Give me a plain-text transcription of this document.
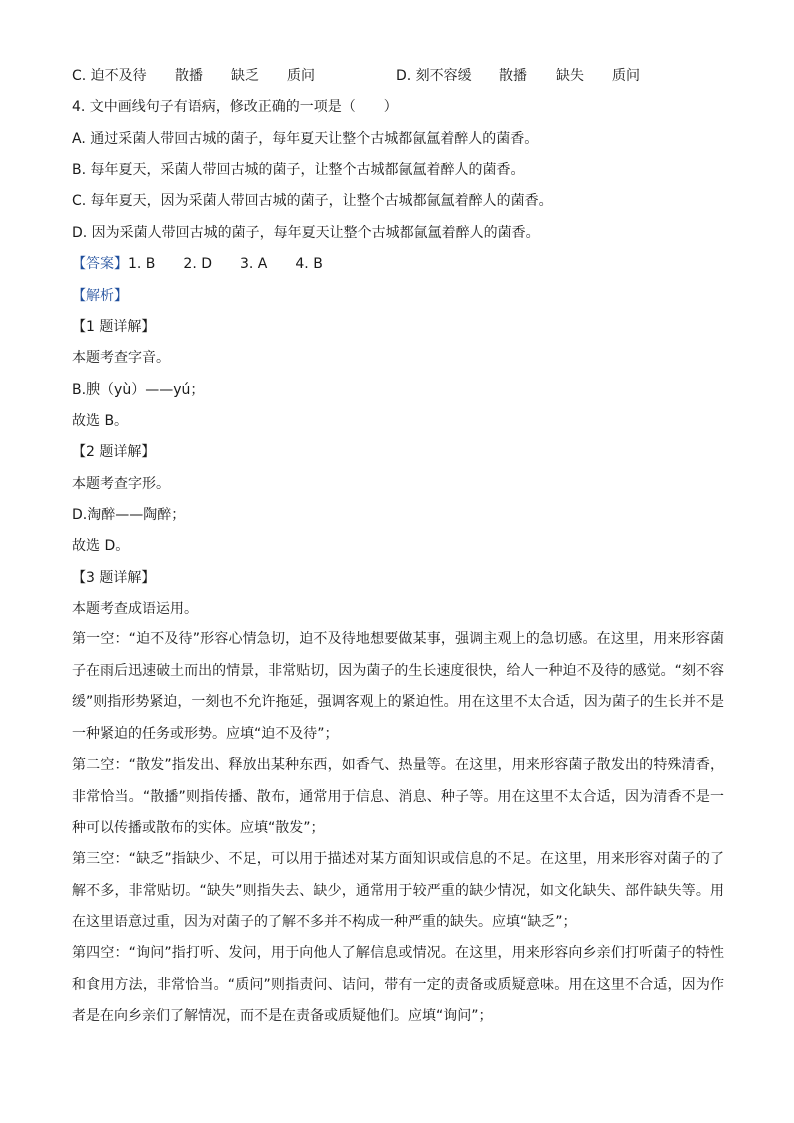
C. 迫不及待 散播 缺乏 质问	D. 刻不容缓 散播 缺失 质问
4. 文中画线句子有语病，修改正确的一项是（　　）
A. 通过采菌人带回古城的菌子，每年夏天让整个古城都氤氲着醉人的菌香。
B. 每年夏天，采菌人带回古城的菌子，让整个古城都氤氲着醉人的菌香。
C. 每年夏天，因为采菌人带回古城的菌子，让整个古城都氤氲着醉人的菌香。
D. 因为采菌人带回古城的菌子，每年夏天让整个古城都氤氲着醉人的菌香。
【答案】1. B　　2. D　　3. A　　4. B
【解析】
【1 题详解】
本题考查字音。
B.腴（yù）——yú；
故选 B。
【2 题详解】
本题考查字形。
D.淘醉——陶醉；
故选 D。
【3 题详解】
本题考查成语运用。
第一空：“迫不及待”形容心情急切，迫不及待地想要做某事，强调主观上的急切感。在这里，用来形容菌子在雨后迅速破土而出的情景，非常贴切，因为菌子的生长速度很快，给人一种迫不及待的感觉。“刻不容缓”则指形势紧迫，一刻也不允许拖延，强调客观上的紧迫性。用在这里不太合适，因为菌子的生长并不是一种紧迫的任务或形势。应填“迫不及待”；
第二空：“散发”指发出、释放出某种东西，如香气、热量等。在这里，用来形容菌子散发出的特殊清香，非常恰当。“散播”则指传播、散布，通常用于信息、消息、种子等。用在这里不太合适，因为清香不是一种可以传播或散布的实体。应填“散发”；
第三空：“缺乏”指缺少、不足，可以用于描述对某方面知识或信息的不足。在这里，用来形容对菌子的了解不多，非常贴切。“缺失”则指失去、缺少，通常用于较严重的缺少情况，如文化缺失、部件缺失等。用在这里语意过重，因为对菌子的了解不多并不构成一种严重的缺失。应填“缺乏”；
第四空：“询问”指打听、发问，用于向他人了解信息或情况。在这里，用来形容向乡亲们打听菌子的特性和食用方法，非常恰当。“质问”则指责问、诘问，带有一定的责备或质疑意味。用在这里不合适，因为作者是在向乡亲们了解情况，而不是在责备或质疑他们。应填“询问”；
